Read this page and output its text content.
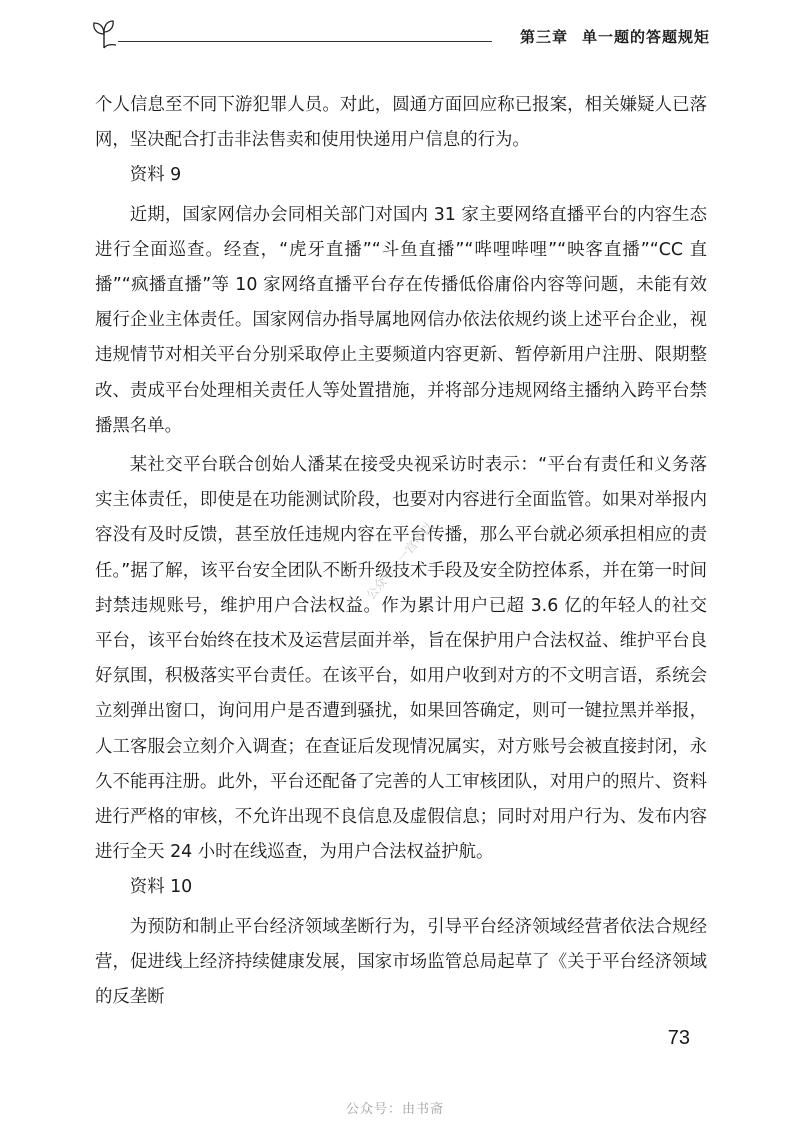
第三章 单一题的答题规矩

个人信息至不同下游犯罪人员。对此，圆通方面回应称已报案，相关嫌疑人已落网，坚决配合打击非法售卖和使用快递用户信息的行为。

资料 9

近期，国家网信办会同相关部门对国内 31 家主要网络直播平台的内容生态进行全面巡查。经查，“虎牙直播”“斗鱼直播”“哔哩哔哩”“映客直播”“CC 直播”“疯播直播”等 10 家网络直播平台存在传播低俗庸俗内容等问题，未能有效履行企业主体责任。国家网信办指导属地网信办依法依规约谈上述平台企业，视违规情节对相关平台分别采取停止主要频道内容更新、暂停新用户注册、限期整改、责成平台处理相关责任人等处置措施，并将部分违规网络主播纳入跨平台禁播黑名单。

某社交平台联合创始人潘某在接受央视采访时表示：“平台有责任和义务落实主体责任，即使是在功能测试阶段，也要对内容进行全面监管。如果对举报内容没有及时反馈，甚至放任违规内容在平台传播，那么平台就必须承担相应的责任。”据了解，该平台安全团队不断升级技术手段及安全防控体系，并在第一时间封禁违规账号，维护用户合法权益。作为累计用户已超 3.6 亿的年轻人的社交平台，该平台始终在技术及运营层面并举，旨在保护用户合法权益、维护平台良好氛围，积极落实平台责任。在该平台，如用户收到对方的不文明言语，系统会立刻弹出窗口，询问用户是否遭到骚扰，如果回答确定，则可一键拉黑并举报，人工客服会立刻介入调查；在查证后发现情况属实，对方账号会被直接封闭，永久不能再注册。此外，平台还配备了完善的人工审核团队，对用户的照片、资料进行严格的审核，不允许出现不良信息及虚假信息；同时对用户行为、发布内容进行全天 24 小时在线巡查，为用户合法权益护航。

资料 10

为预防和制止平台经济领域垄断行为，引导平台经济领域经营者依法合规经营，促进线上经济持续健康发展，国家市场监管总局起草了《关于平台经济领域的反垄断

公众号：一宫可以
73
公众号：由书斋
